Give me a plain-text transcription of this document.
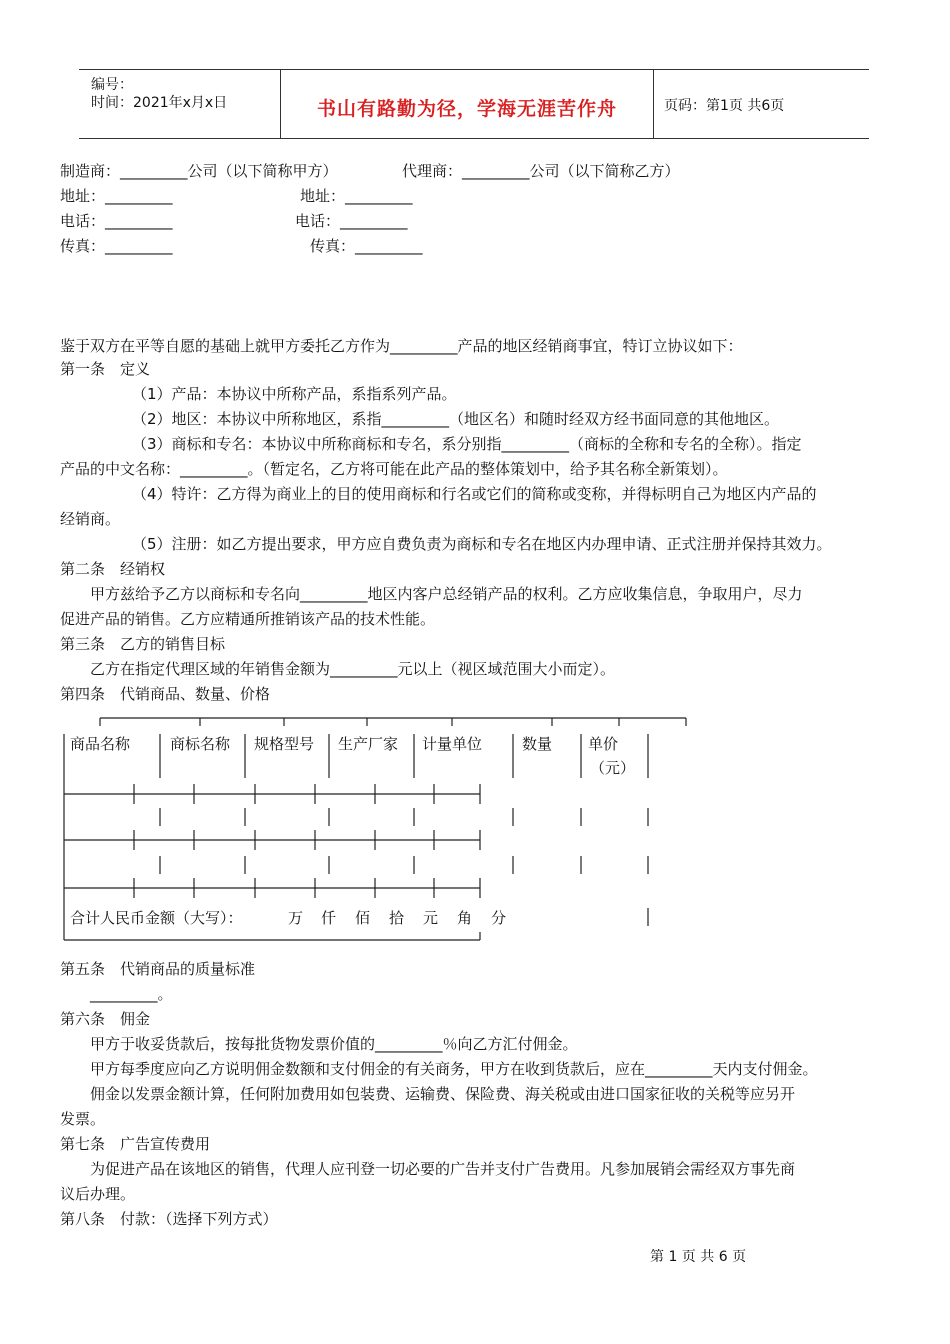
编号：
时间：2021年x月x日	书山有路勤为径，学海无涯苦作舟	页码：第1页 共6页
制造商：_________公司（以下简称甲方）	代理商：_________公司（以下简称乙方）
地址：_________	地址：_________
电话：_________	电话：_________
传真：_________	传真：_________
鉴于双方在平等自愿的基础上就甲方委托乙方作为_________产品的地区经销商事宜，特订立协议如下：
第一条　定义
（1）产品：本协议中所称产品，系指系列产品。
（2）地区：本协议中所称地区，系指_________（地区名）和随时经双方经书面同意的其他地区。
（3）商标和专名：本协议中所称商标和专名，系分别指_________（商标的全称和专名的全称）。指定
产品的中文名称：_________。（暂定名，乙方将可能在此产品的整体策划中，给予其名称全新策划）。
（4）特许：乙方得为商业上的目的使用商标和行名或它们的简称或变称，并得标明自己为地区内产品的
经销商。
（5）注册：如乙方提出要求，甲方应自费负责为商标和专名在地区内办理申请、正式注册并保持其效力。
第二条　经销权
甲方兹给予乙方以商标和专名向_________地区内客户总经销产品的权利。乙方应收集信息，争取用户，尽力
促进产品的销售。乙方应精通所推销该产品的技术性能。
第三条　乙方的销售目标
乙方在指定代理区域的年销售金额为_________元以上（视区域范围大小而定）。
第四条　代销商品、数量、价格
商品名称	商标名称 规格型号 生产厂家 计量单位	数量 单价
（元）
合计人民币金额（大写）：	万 仟 佰 拾 元 角 分
第五条　代销商品的质量标准
_________。
第六条　佣金
甲方于收妥货款后，按每批货物发票价值的_________％向乙方汇付佣金。
甲方每季度应向乙方说明佣金数额和支付佣金的有关商务，甲方在收到货款后，应在_________天内支付佣金。
佣金以发票金额计算，任何附加费用如包装费、运输费、保险费、海关税或由进口国家征收的关税等应另开
发票。
第七条　广告宣传费用
为促进产品在该地区的销售，代理人应刊登一切必要的广告并支付广告费用。凡参加展销会需经双方事先商
议后办理。
第八条　付款：（选择下列方式）
第 1 页 共 6 页
